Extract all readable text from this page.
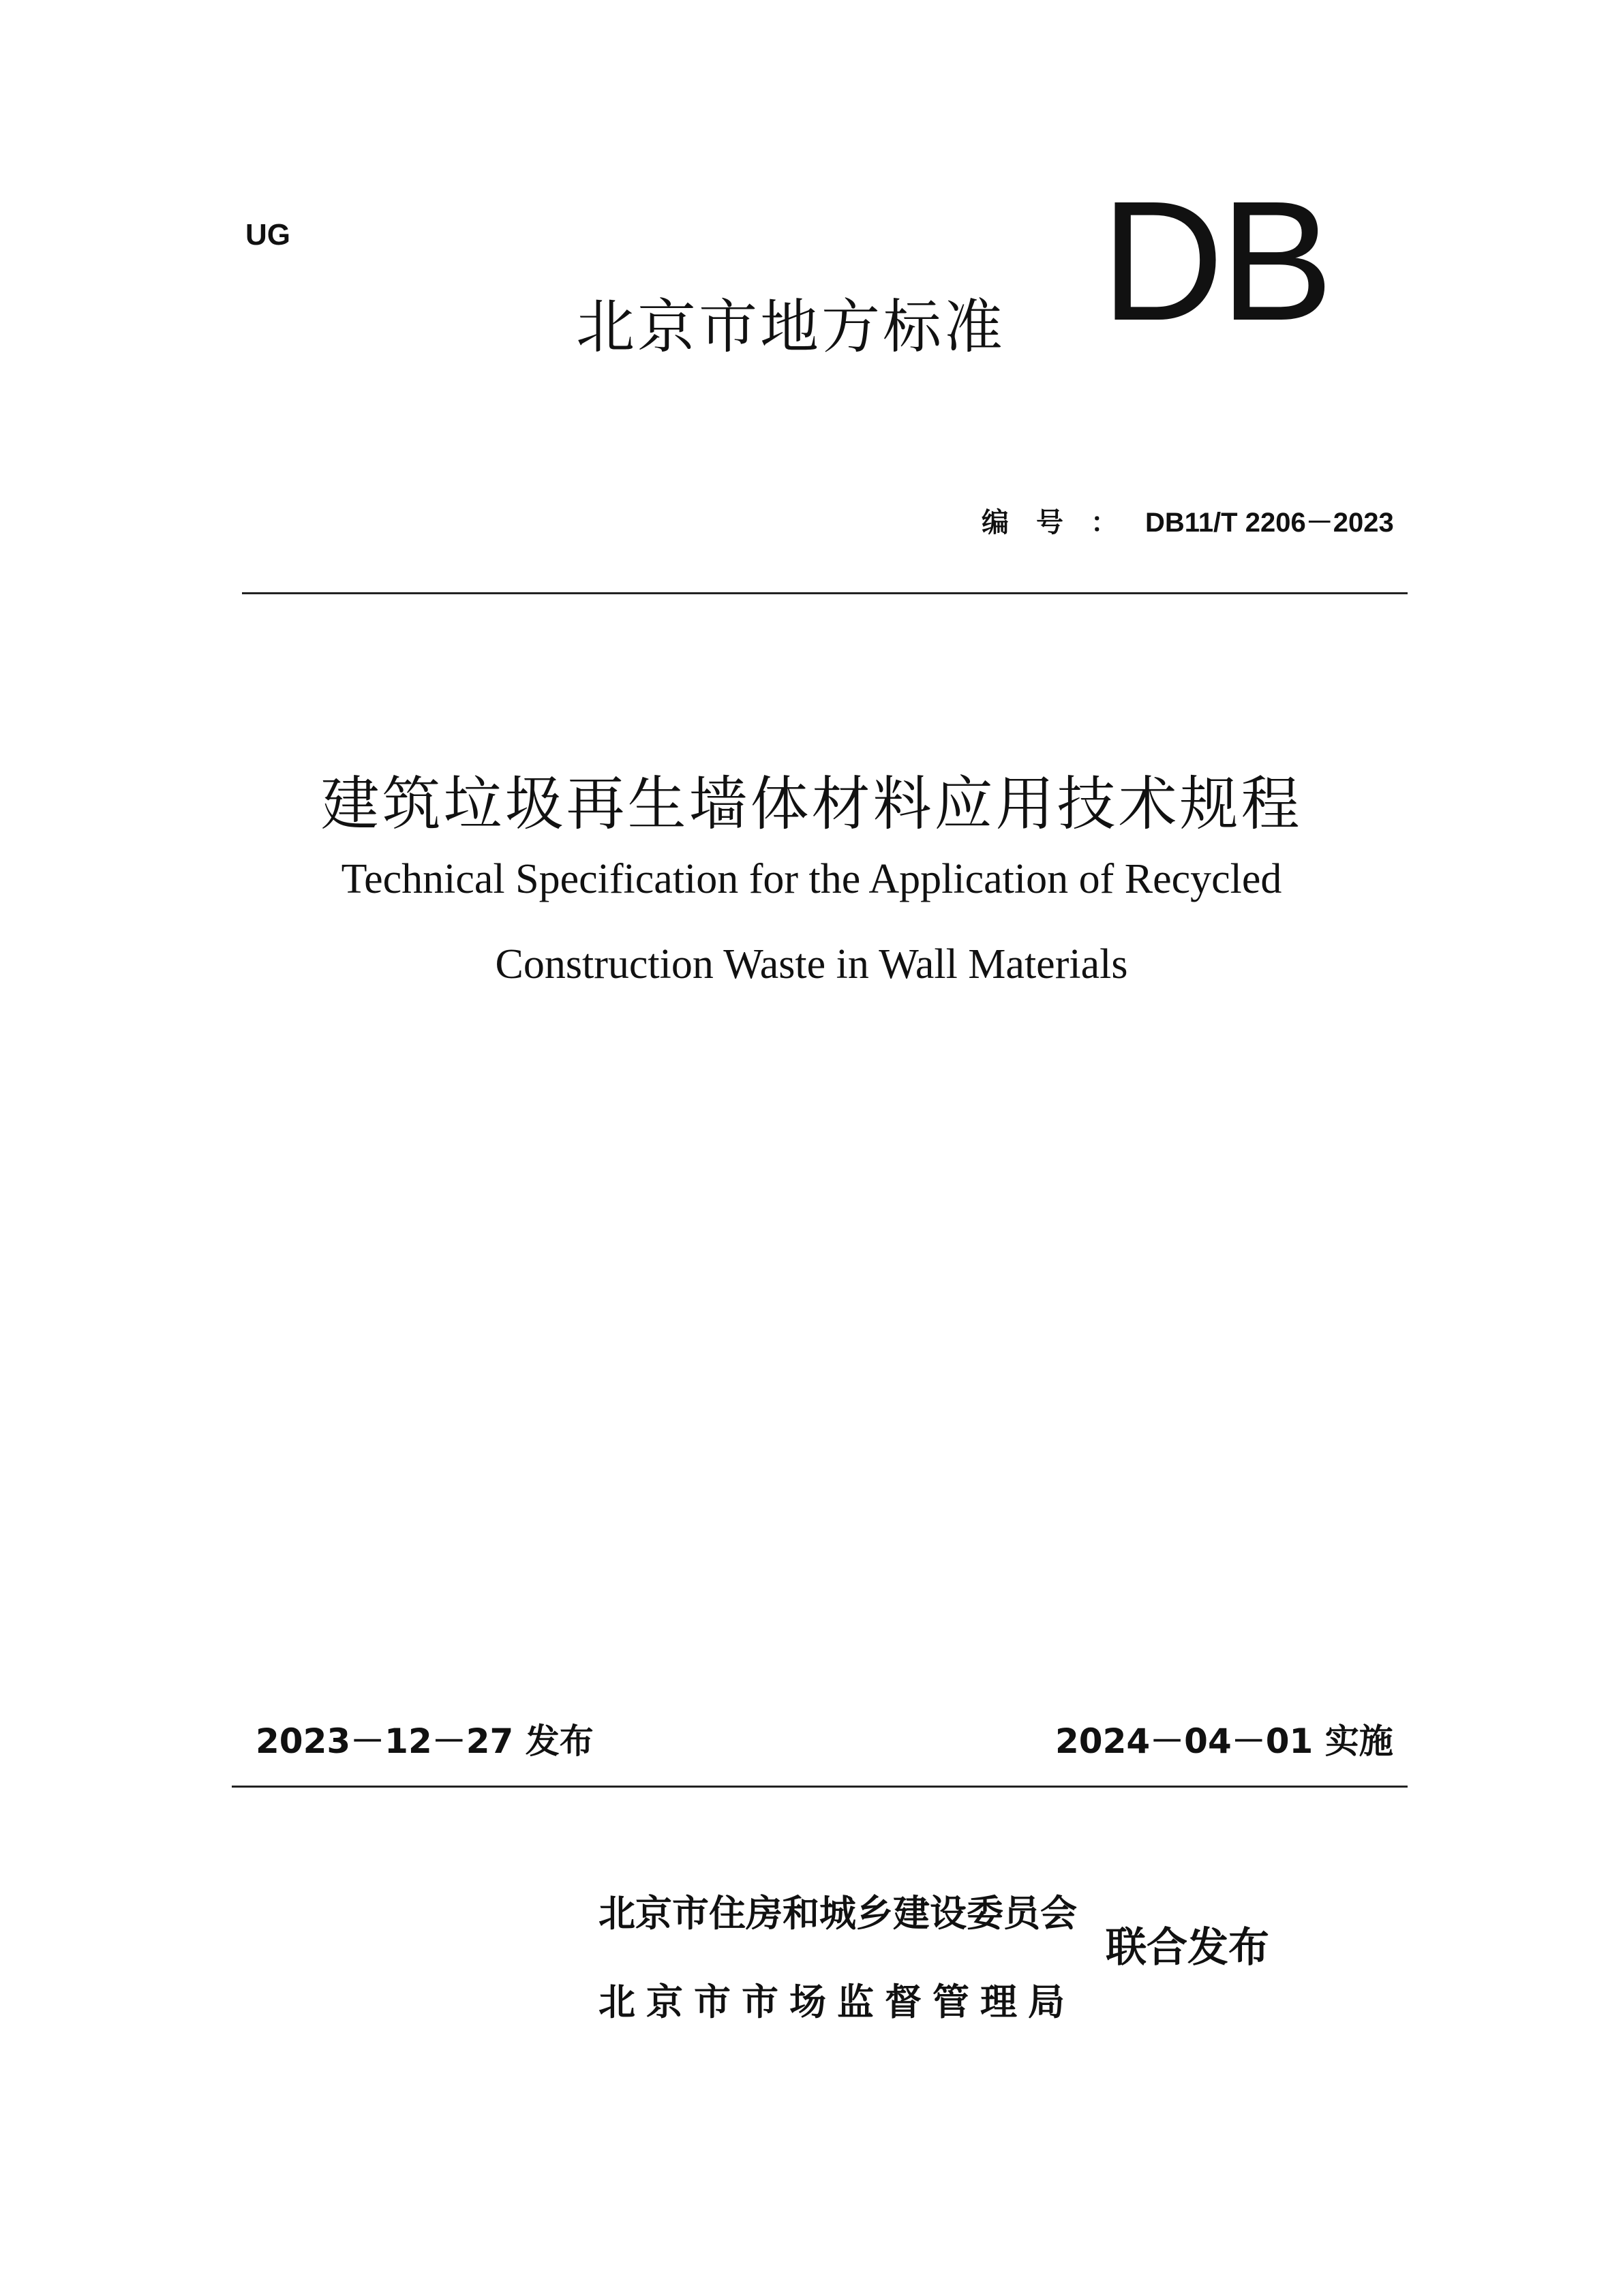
UG
北京市地方标准 DB
编号：DB11/T 2206－2023
建筑垃圾再生墙体材料应用技术规程
Technical Specification for the Application of Recycled
Construction Waste in Wall Materials
2023－12－27 发布	2024－04－01 实施
北京市住房和城乡建设委员会
北京市市场监督管理局
联合发布
